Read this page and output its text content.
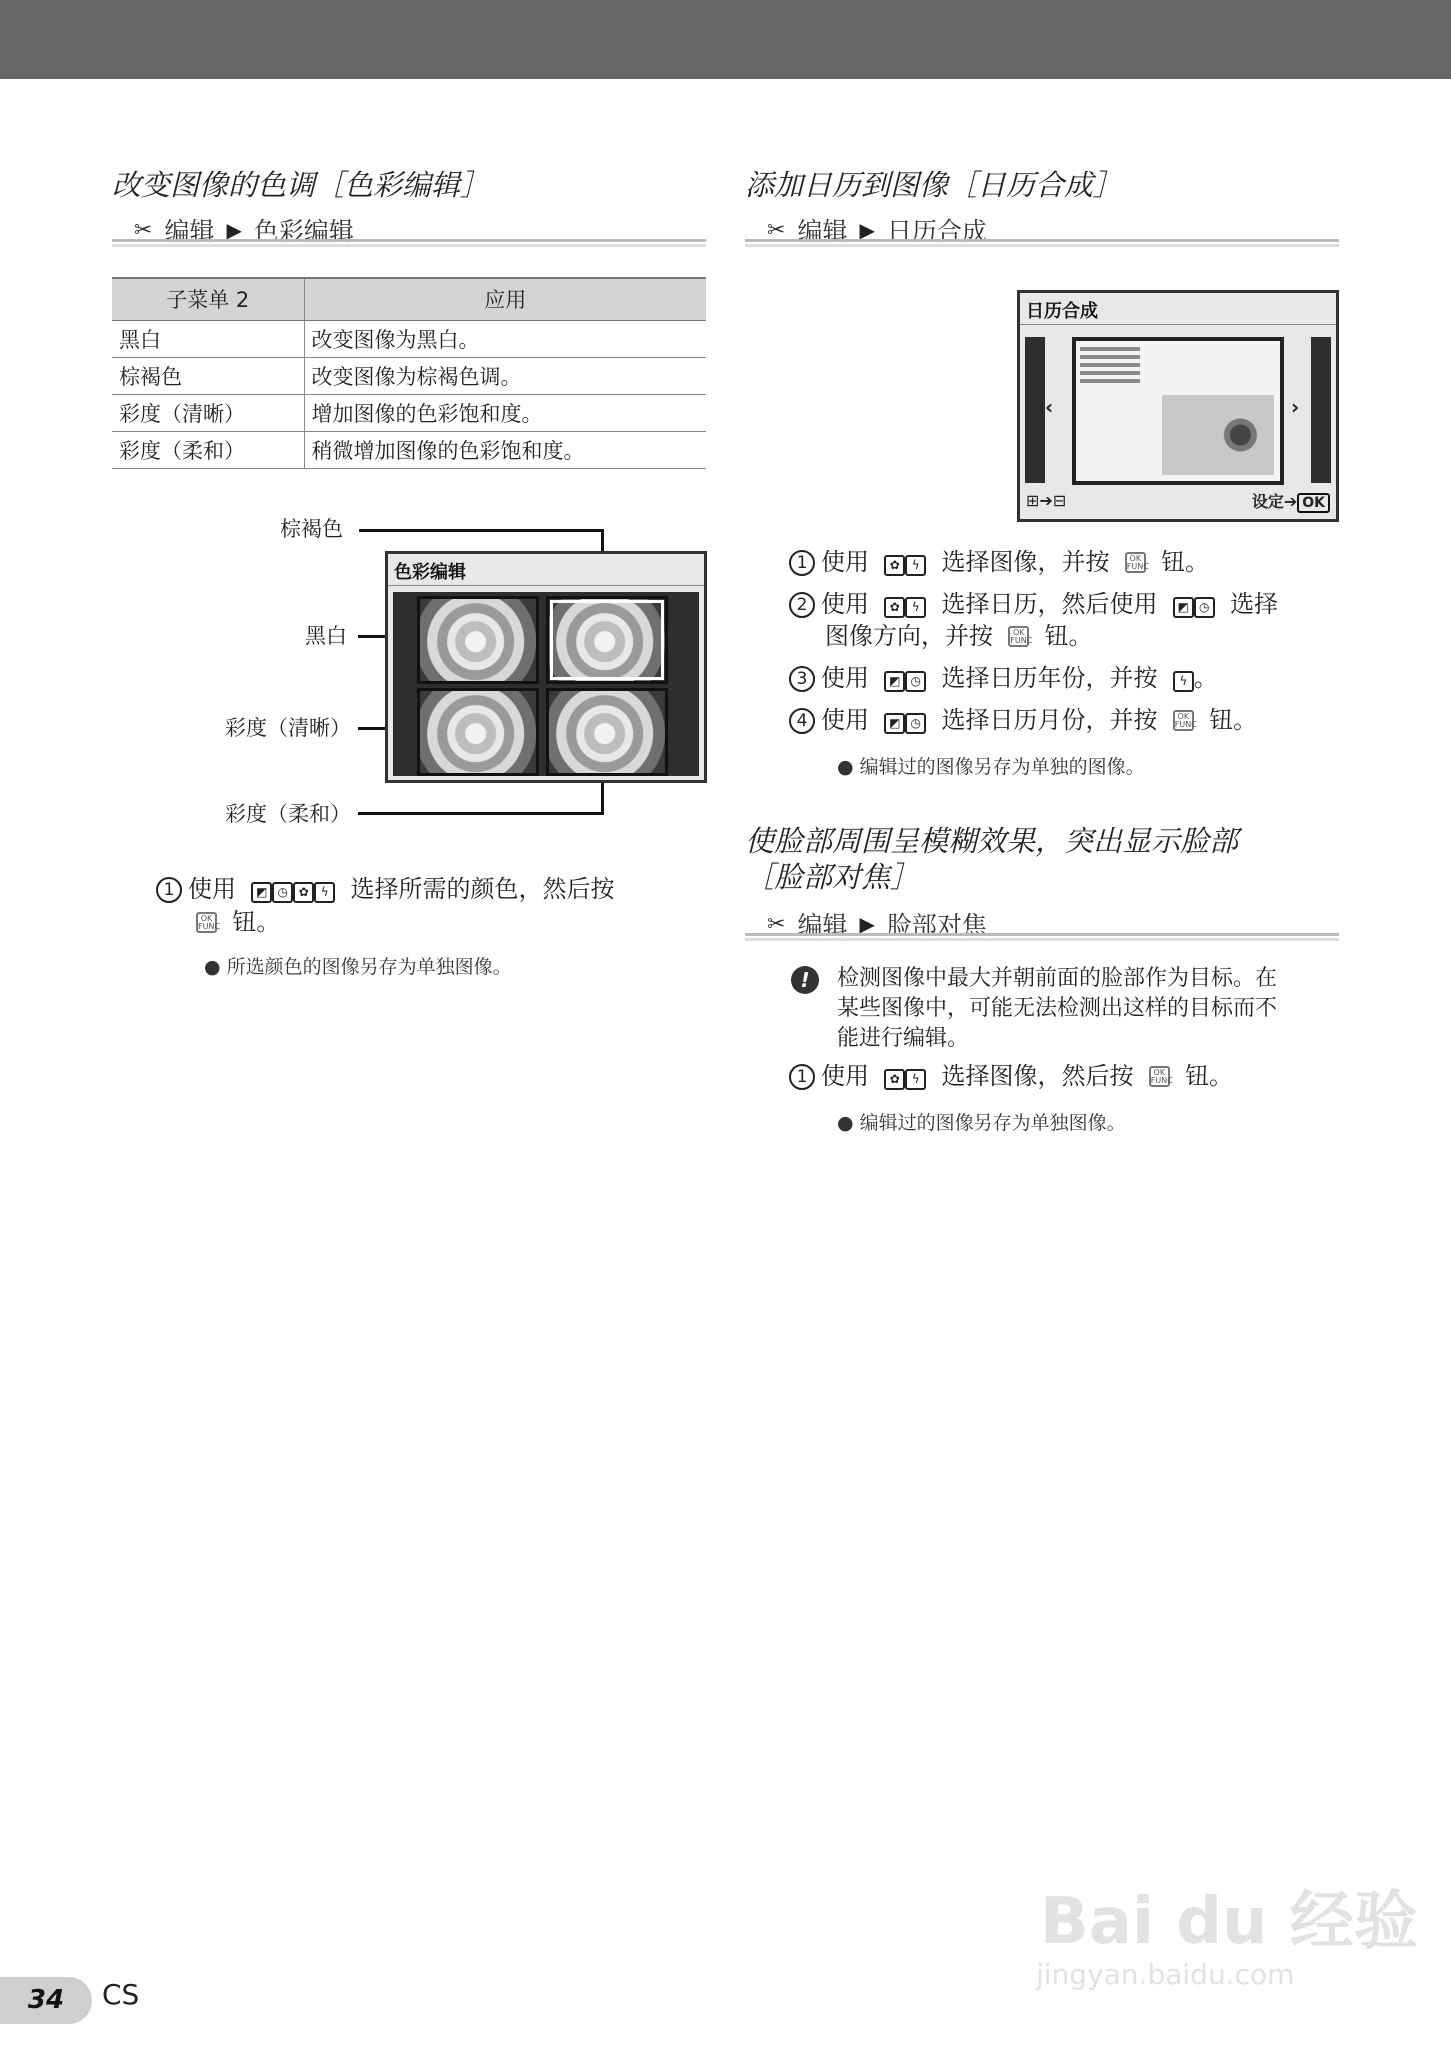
改变图像的色调［色彩编辑］
✂ 编辑 ▶ 色彩编辑
子菜单 2	应用
黑白	改变图像为黑白。
棕褐色	改变图像为棕褐色调。
彩度（清晰）	增加图像的色彩饱和度。
彩度（柔和）	稍微增加图像的色彩饱和度。
棕褐色
黑白
彩度（清晰）
彩度（柔和）
色彩编辑
1 使用 ◩ ◷ ✿ ϟ 选择所需的颜色，然后按
OK FUNC 钮。
● 所选颜色的图像另存为单独图像。
添加日历到图像［日历合成］
✂ 编辑 ▶ 日历合成
日历合成
‹	›
⊞➔⊟	设定➔ OK
1 使用 ✿ ϟ 选择图像，并按 OK FUNC 钮。
2 使用 ✿ ϟ 选择日历，然后使用 ◩ ◷ 选择
图像方向，并按 OK FUNC 钮。
3 使用 ◩ ◷ 选择日历年份，并按 ϟ 。
4 使用 ◩ ◷ 选择日历月份，并按 OK FUNC 钮。
● 编辑过的图像另存为单独的图像。
使脸部周围呈模糊效果，突出显示脸部
［脸部对焦］
✂ 编辑 ▶ 脸部对焦
!	检测图像中最大并朝前面的脸部作为目标。在
某些图像中，可能无法检测出这样的目标而不
能进行编辑。
1 使用 ✿ ϟ 选择图像，然后按 OK FUNC 钮。
● 编辑过的图像另存为单独图像。
Bai du 经验
jingyan.baidu.com
34	CS
